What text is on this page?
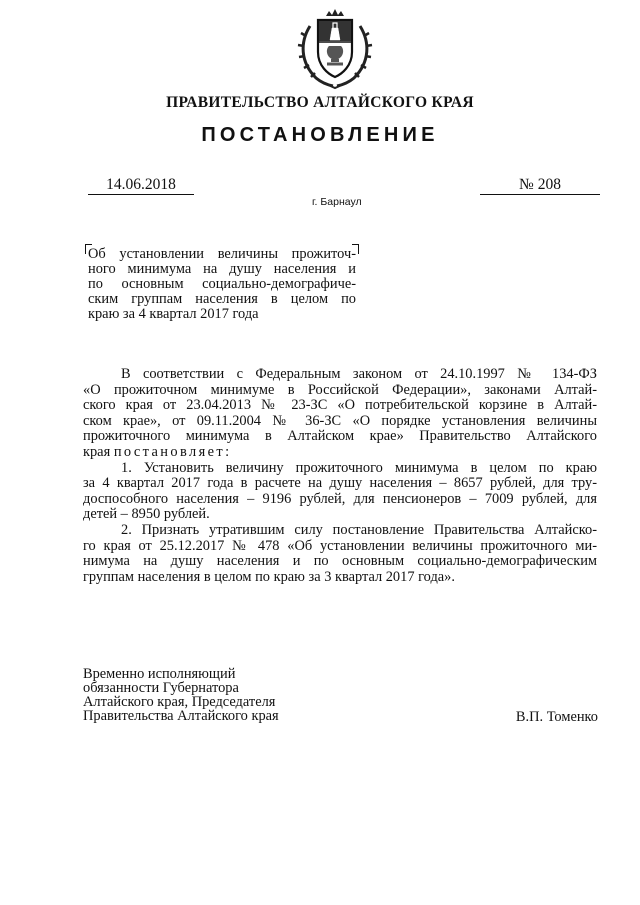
ПРАВИТЕЛЬСТВО АЛТАЙСКОГО КРАЯ
ПОСТАНОВЛЕНИЕ
14.06.2018	№ 208
г. Барнаул
Об установлении величины прожиточ-
ного минимума на душу населения и
по основным социально-демографиче-
ским группам населения в целом по
краю за 4 квартал 2017 года
В соответствии с Федеральным законом от 24.10.1997 № 134-ФЗ
«О прожиточном минимуме в Российской Федерации», законами Алтай-
ского края от 23.04.2013 № 23-ЗС «О потребительской корзине в Алтай-
ском крае», от 09.11.2004 № 36-ЗС «О порядке установления величины
прожиточного минимума в Алтайском крае» Правительство Алтайского
края постановляет:
1. Установить величину прожиточного минимума в целом по краю
за 4 квартал 2017 года в расчете на душу населения – 8657 рублей, для тру-
доспособного населения – 9196 рублей, для пенсионеров – 7009 рублей, для
детей – 8950 рублей.
2. Признать утратившим силу постановление Правительства Алтайско-
го края от 25.12.2017 № 478 «Об установлении величины прожиточного ми-
нимума на душу населения и по основным социально-демографическим
группам населения в целом по краю за 3 квартал 2017 года».
Временно исполняющий
обязанности Губернатора
Алтайского края, Председателя
Правительства Алтайского края	В.П. Томенко
